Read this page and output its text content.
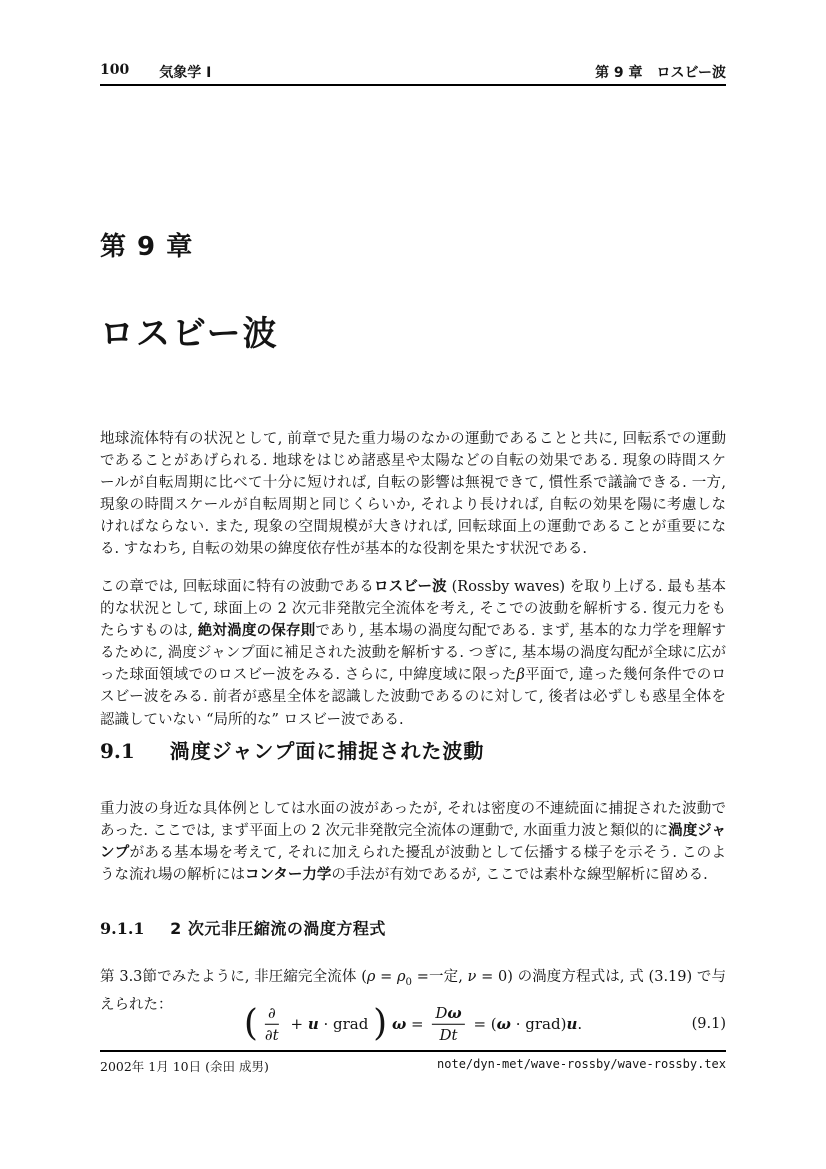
100 気象学 I	第 9 章　ロスビー波
第 9 章
ロスビー波
地球流体特有の状況として, 前章で見た重力場のなかの運動であることと共に, 回転系での運動であることがあげられる. 地球をはじめ諸惑星や太陽などの自転の効果である. 現象の時間スケールが自転周期に比べて十分に短ければ, 自転の影響は無視できて, 慣性系で議論できる. 一方, 現象の時間スケールが自転周期と同じくらいか, それより長ければ, 自転の効果を陽に考慮しなければならない. また, 現象の空間規模が大きければ, 回転球面上の運動であることが重要になる. すなわち, 自転の効果の緯度依存性が基本的な役割を果たす状況である.
この章では, 回転球面に特有の波動であるロスビー波 (Rossby waves) を取り上げる. 最も基本的な状況として, 球面上の 2 次元非発散完全流体を考え, そこでの波動を解析する. 復元力をもたらすものは, 絶対渦度の保存則であり, 基本場の渦度勾配である. まず, 基本的な力学を理解するために, 渦度ジャンプ面に補足された波動を解析する. つぎに, 基本場の渦度勾配が全球に広がった球面領域でのロスビー波をみる. さらに, 中緯度域に限ったβ平面で, 違った幾何条件でのロスビー波をみる. 前者が惑星全体を認識した波動であるのに対して, 後者は必ずしも惑星全体を認識していない “局所的な” ロスビー波である.
9.1 渦度ジャンプ面に捕捉された波動
重力波の身近な具体例としては水面の波があったが, それは密度の不連続面に捕捉された波動であった. ここでは, まず平面上の 2 次元非発散完全流体の運動で, 水面重力波と類似的に渦度ジャンプがある基本場を考えて, それに加えられた擾乱が波動として伝播する様子を示そう. このような流れ場の解析にはコンター力学の手法が有効であるが, ここでは素朴な線型解析に留める.
9.1.1 2 次元非圧縮流の渦度方程式
第 3.3節でみたように, 非圧縮完全流体 ($\rho = \rho_0$ =一定, ν = 0) の渦度方程式は, 式 (3.19) で与えられた：	( $\frac{\partial}{\partial t} + u$ · grad )
$\omega = \frac{D\omega}{Dt}$ = ( ω · grad) u .	(9.1)
2002年 1月 10日 (余田 成男)	note/dyn-met/wave-rossby/wave-rossby.tex
